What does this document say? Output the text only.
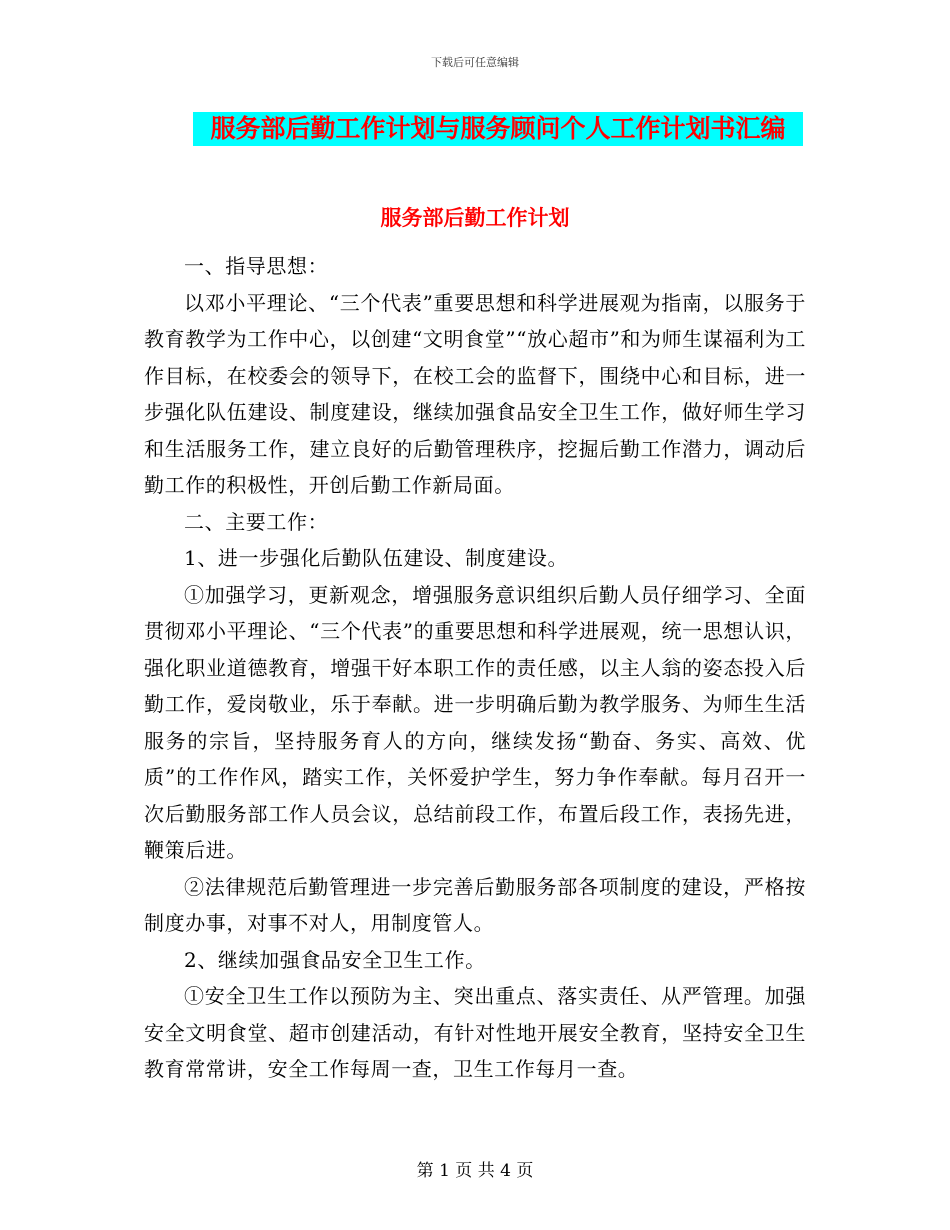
下载后可任意编辑
服务部后勤工作计划与服务顾问个人工作计划书汇编
服务部后勤工作计划

一、指导思想：

以邓小平理论、“三个代表”重要思想和科学进展观为指南，以服务于教育教学为工作中心，以创建“文明食堂”“放心超市”和为师生谋福利为工作目标，在校委会的领导下，在校工会的监督下，围绕中心和目标，进一步强化队伍建设、制度建设，继续加强食品安全卫生工作，做好师生学习和生活服务工作，建立良好的后勤管理秩序，挖掘后勤工作潜力，调动后勤工作的积极性，开创后勤工作新局面。

二、主要工作：

1、进一步强化后勤队伍建设、制度建设。

①加强学习，更新观念，增强服务意识组织后勤人员仔细学习、全面贯彻邓小平理论、“三个代表”的重要思想和科学进展观，统一思想认识，强化职业道德教育，增强干好本职工作的责任感，以主人翁的姿态投入后勤工作，爱岗敬业，乐于奉献。进一步明确后勤为教学服务、为师生生活服务的宗旨，坚持服务育人的方向，继续发扬“勤奋、务实、高效、优质”的工作作风，踏实工作，关怀爱护学生，努力争作奉献。每月召开一次后勤服务部工作人员会议，总结前段工作，布置后段工作，表扬先进，鞭策后进。

②法律规范后勤管理进一步完善后勤服务部各项制度的建设，严格按制度办事，对事不对人，用制度管人。

2、继续加强食品安全卫生工作。

①安全卫生工作以预防为主、突出重点、落实责任、从严管理。加强安全文明食堂、超市创建活动，有针对性地开展安全教育，坚持安全卫生教育常常讲，安全工作每周一查，卫生工作每月一查。

第 1 页 共 4 页
